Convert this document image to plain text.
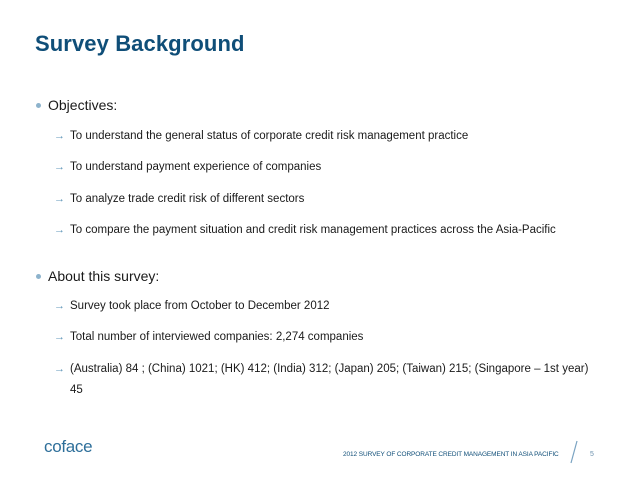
Survey Background
Objectives:
→ To understand the general status of corporate credit risk management practice
→ To understand payment experience of companies
→ To analyze trade credit risk of different sectors
→ To compare the payment situation and credit risk management practices across the Asia-Pacific
About this survey:
→ Survey took place from October to December 2012
→ Total number of interviewed companies: 2,274 companies
→ (Australia) 84 ; (China) 1021; (HK) 412; (India) 312; (Japan) 205; (Taiwan) 215; (Singapore – 1st year) 45
coface	2012 SURVEY OF CORPORATE CREDIT MANAGEMENT IN ASIA PACIFIC	5
